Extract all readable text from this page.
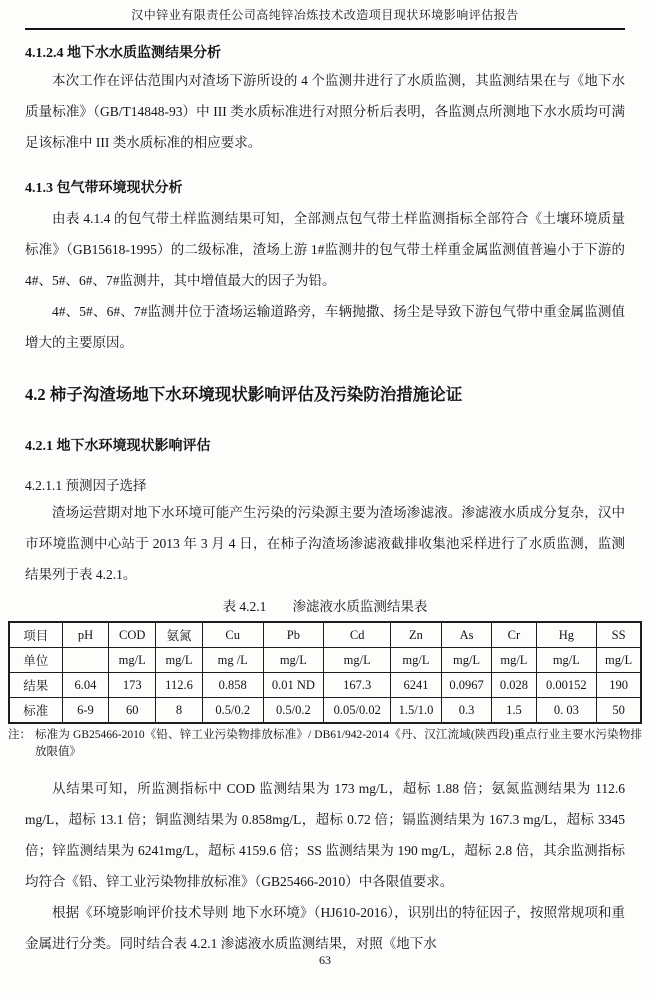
汉中锌业有限责任公司高纯锌冶炼技术改造项目现状环境影响评估报告
4.1.2.4 地下水水质监测结果分析

本次工作在评估范围内对渣场下游所设的 4 个监测井进行了水质监测，其监测结果在与《地下水质量标准》（GB/T14848-93）中 III 类水质标准进行对照分析后表明，各监测点所测地下水水质均可满足该标准中 III 类水质标准的相应要求。

4.1.3 包气带环境现状分析

由表 4.1.4 的包气带土样监测结果可知，全部测点包气带土样监测指标全部符合《土壤环境质量标准》（GB15618-1995）的二级标准，渣场上游 1#监测井的包气带土样重金属监测值普遍小于下游的 4#、5#、6#、7#监测井，其中增值最大的因子为铅。

4#、5#、6#、7#监测井位于渣场运输道路旁，车辆抛撒、扬尘是导致下游包气带中重金属监测值增大的主要原因。

4.2 柿子沟渣场地下水环境现状影响评估及污染防治措施论证
4.2.1 地下水环境现状影响评估
4.2.1.1 预测因子选择

渣场运营期对地下水环境可能产生污染的污染源主要为渣场渗滤液。渗滤液水质成分复杂，汉中市环境监测中心站于 2013 年 3 月 4 日，在柿子沟渣场渗滤液截排收集池采样进行了水质监测，监测结果列于表 4.2.1。

表 4.2.1 渗滤液水质监测结果表
项目	pH	COD	氨氮	Cu	Pb	Cd	Zn	As	Cr	Hg	SS
单位		mg/L	mg/L	mg /L	mg/L	mg/L	mg/L	mg/L	mg/L	mg/L	mg/L
结果	6.04	173	112.6	0.858	0.01 ND	167.3	6241	0.0967	0.028	0.00152	190
标准	6-9	60	8	0.5/0.2	0.5/0.2	0.05/0.02	1.5/1.0	0.3	1.5	0. 03	50
注： 标准为 GB25466-2010《铅、锌工业污染物排放标准》/ DB61/942-2014《丹、汉江流域(陕西段)重点行业主要水污染物排放限值》

从结果可知，所监测指标中 COD 监测结果为 173 mg/L，超标 1.88 倍；氨氮监测结果为 112.6 mg/L，超标 13.1 倍；铜监测结果为 0.858mg/L，超标 0.72 倍；镉监测结果为 167.3 mg/L，超标 3345 倍；锌监测结果为 6241mg/L，超标 4159.6 倍；SS 监测结果为 190 mg/L，超标 2.8 倍，其余监测指标均符合《铅、锌工业污染物排放标准》（GB25466-2010）中各限值要求。

根据《环境影响评价技术导则 地下水环境》（HJ610-2016），识别出的特征因子，按照常规项和重金属进行分类。同时结合表 4.2.1 渗滤液水质监测结果，对照《地下水

63
